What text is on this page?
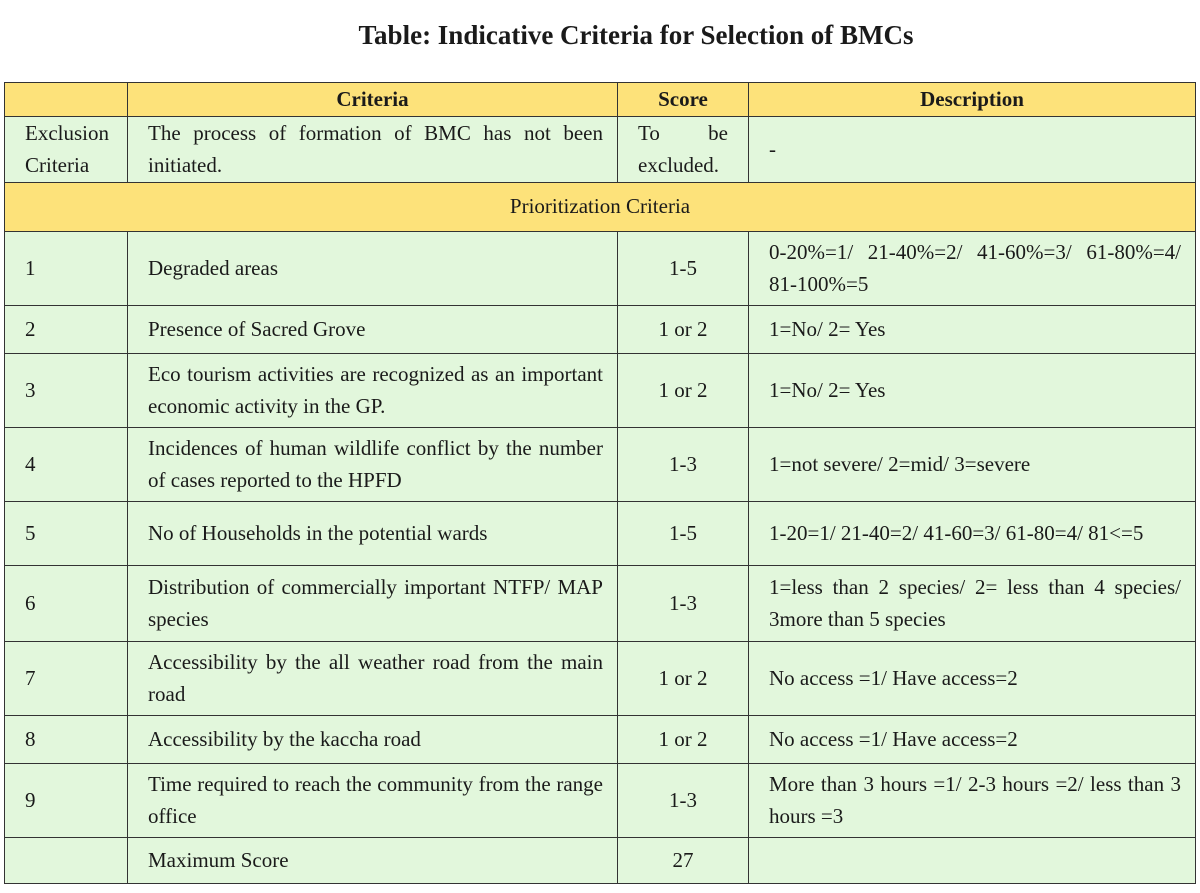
Table: Indicative Criteria for Selection of BMCs
	Criteria	Score	Description
Exclusion Criteria	The process of formation of BMC has not been initiated.	To be excluded.	-
Prioritization Criteria			
1	Degraded areas	1-5	0-20%=1/ 21-40%=2/ 41-60%=3/ 61-80%=4/ 81-100%=5
2	Presence of Sacred Grove	1 or 2	1=No/ 2= Yes
3	Eco tourism activities are recognized as an important economic activity in the GP.	1 or 2	1=No/ 2= Yes
4	Incidences of human wildlife conflict by the number of cases reported to the HPFD	1-3	1=not severe/ 2=mid/ 3=severe
5	No of Households in the potential wards	1-5	1-20=1/ 21-40=2/ 41-60=3/ 61-80=4/ 81<=5
6	Distribution of commercially important NTFP/ MAP species	1-3	1=less than 2 species/ 2= less than 4 species/ 3more than 5 species
7	Accessibility by the all weather road from the main road	1 or 2	No access =1/ Have access=2
8	Accessibility by the kaccha road	1 or 2	No access =1/ Have access=2
9	Time required to reach the community from the range office	1-3	More than 3 hours =1/ 2-3 hours =2/ less than 3 hours =3
	Maximum Score	27	
